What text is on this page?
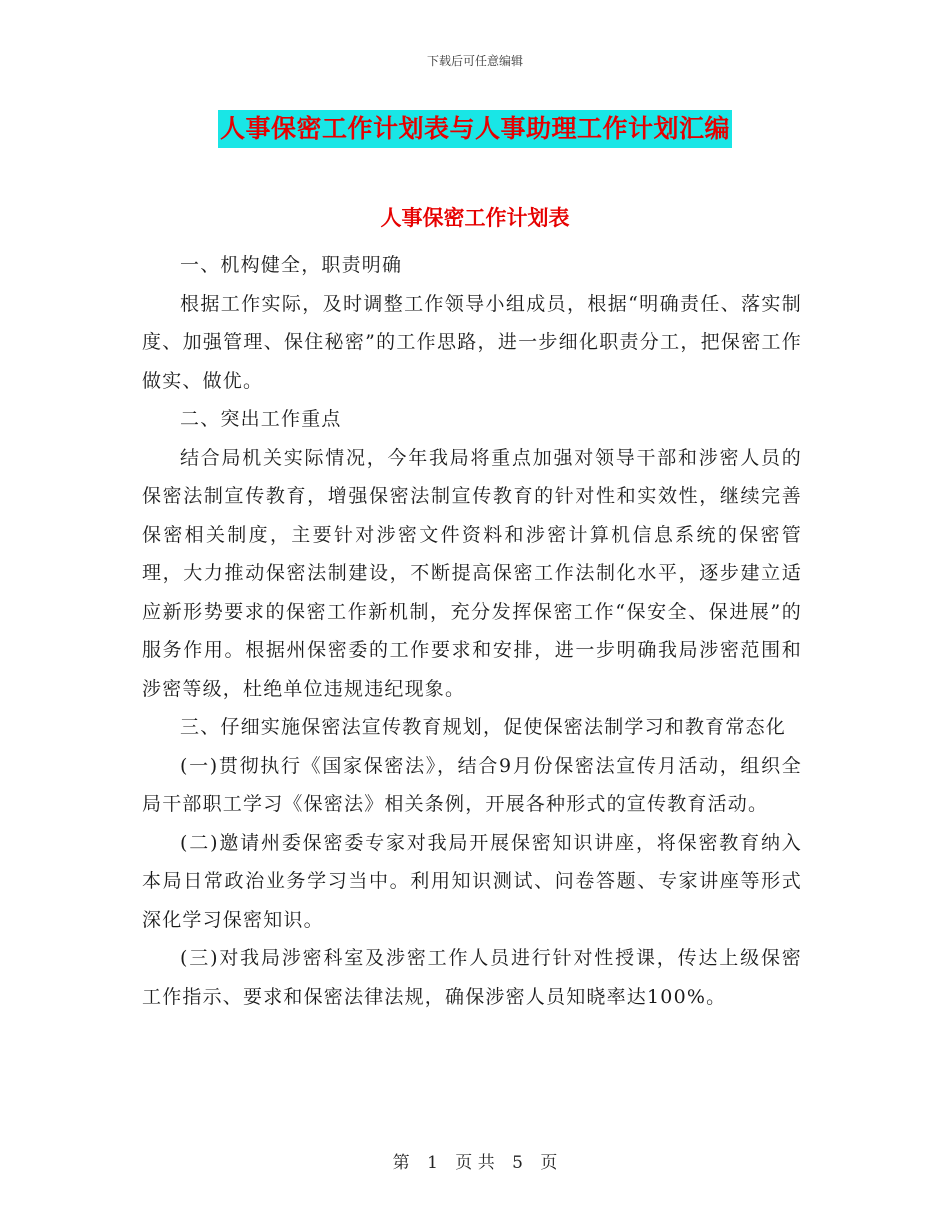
下载后可任意编辑
人事保密工作计划表与人事助理工作计划汇编
人事保密工作计划表

一、机构健全，职责明确

根据工作实际，及时调整工作领导小组成员，根据“明确责任、落实制度、加强管理、保住秘密”的工作思路，进一步细化职责分工，把保密工作做实、做优。

二、突出工作重点

结合局机关实际情况，今年我局将重点加强对领导干部和涉密人员的保密法制宣传教育，增强保密法制宣传教育的针对性和实效性，继续完善保密相关制度，主要针对涉密文件资料和涉密计算机信息系统的保密管理，大力推动保密法制建设，不断提高保密工作法制化水平，逐步建立适应新形势要求的保密工作新机制，充分发挥保密工作“保安全、保进展”的服务作用。根据州保密委的工作要求和安排，进一步明确我局涉密范围和涉密等级，杜绝单位违规违纪现象。

三、仔细实施保密法宣传教育规划，促使保密法制学习和教育常态化

(一)贯彻执行《国家保密法》，结合9月份保密法宣传月活动，组织全局干部职工学习《保密法》相关条例，开展各种形式的宣传教育活动。

(二)邀请州委保密委专家对我局开展保密知识讲座，将保密教育纳入本局日常政治业务学习当中。利用知识测试、问卷答题、专家讲座等形式深化学习保密知识。

(三)对我局涉密科室及涉密工作人员进行针对性授课，传达上级保密工作指示、要求和保密法律法规，确保涉密人员知晓率达100%。

第 1 页 共 5 页
